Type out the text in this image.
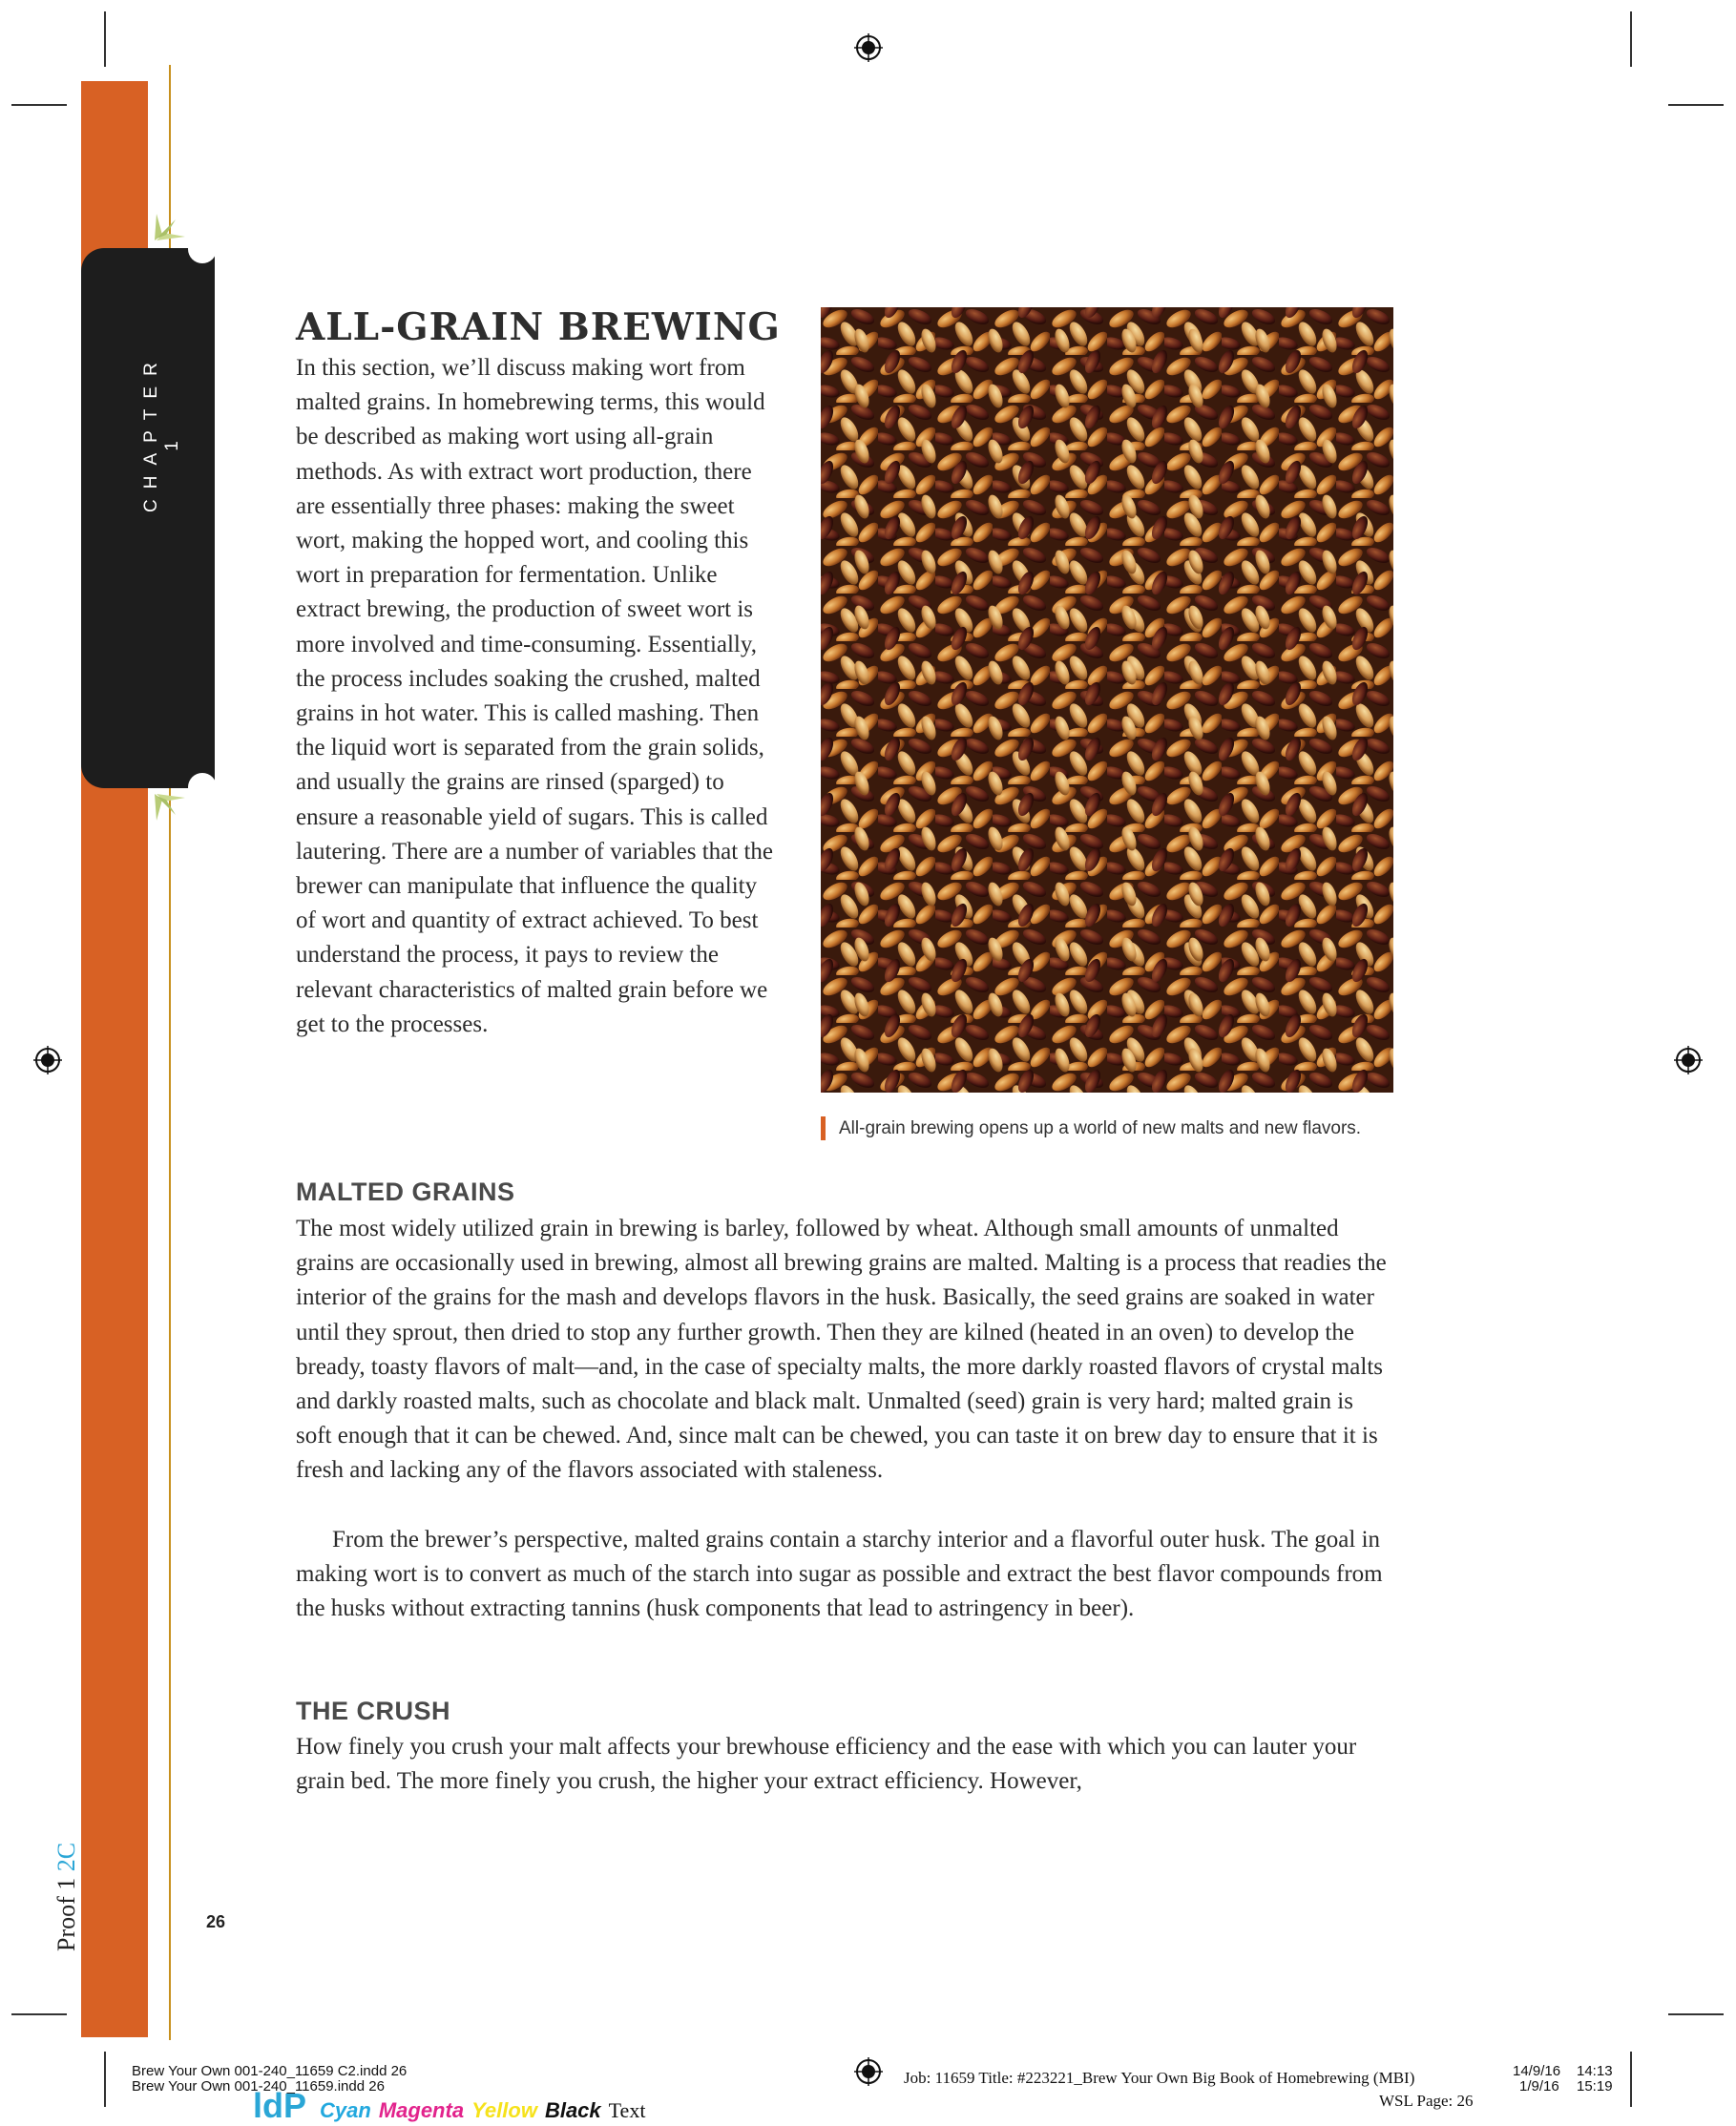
CHAPTER 1
ALL-GRAIN BREWING

In this section, we’ll discuss making wort from malted grains. In homebrewing terms, this would be described as making wort using all-grain methods. As with extract wort production, there are essentially three phases: making the sweet wort, making the hopped wort, and cooling this wort in preparation for fermentation. Unlike extract brewing, the production of sweet wort is more involved and time-consuming. Essentially, the process includes soaking the crushed, malted grains in hot water. This is called mashing. Then the liquid wort is separated from the grain solids, and usually the grains are rinsed (sparged) to ensure a reasonable yield of sugars. This is called lautering. There are a number of variables that the brewer can manipulate that influence the quality of wort and quantity of extract achieved. To best understand the process, it pays to review the relevant characteristics of malted grain before we get to the processes.

All-grain brewing opens up a world of new malts and new flavors.
MALTED GRAINS

The most widely utilized grain in brewing is barley, followed by wheat. Although small amounts of unmalted grains are occasionally used in brewing, almost all brewing grains are malted. Malting is a process that readies the interior of the grains for the mash and develops flavors in the husk. Basically, the seed grains are soaked in water until they sprout, then dried to stop any further growth. Then they are kilned (heated in an oven) to develop the bready, toasty flavors of malt—and, in the case of specialty malts, the more darkly roasted flavors of crystal malts and darkly roasted malts, such as chocolate and black malt. Unmalted (seed) grain is very hard; malted grain is soft enough that it can be chewed. And, since malt can be chewed, you can taste it on brew day to ensure that it is fresh and lacking any of the flavors associated with staleness.

From the brewer’s perspective, malted grains contain a starchy interior and a flavorful outer husk. The goal in making wort is to convert as much of the starch into sugar as possible and extract the best flavor compounds from the husks without extracting tannins (husk components that lead to astringency in beer).

THE CRUSH

How finely you crush your malt affects your brewhouse efficiency and the ease with which you can lauter your grain bed. The more finely you crush, the higher your extract efficiency. However,

26
Proof 1 2C
Brew Your Own 001-240_11659 C2.indd 26
Brew Your Own 001-240_11659.indd 26
ldP Cyan Magenta Yellow Black Text
Job: 11659 Title: #223221_Brew Your Own Big Book of Homebrewing (MBI)
WSL Page: 26
14/9/16 14:13
1/9/16 15:19
